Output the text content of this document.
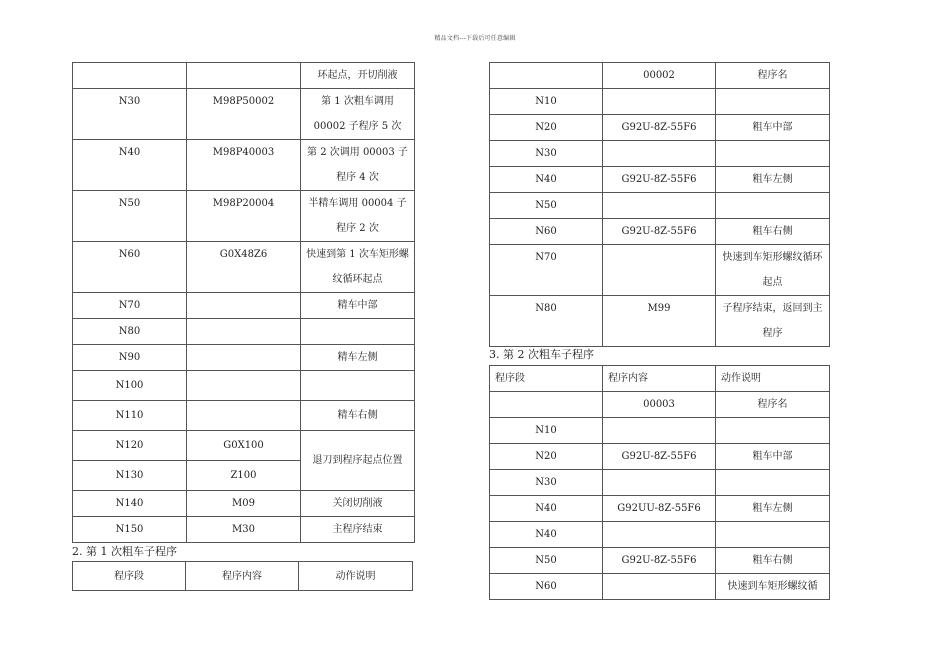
精品文档---下载后可任意编辑
		环起点，开切削液
N30	M98P50002	第 1 次粗车调用 00002 子程序 5 次
N40	M98P40003	第 2 次调用 00003 子程序 4 次
N50	M98P20004	半精车调用 00004 子程序 2 次
N60	G0X48Z6	快速到第 1 次车矩形螺纹循环起点
N70		精车中部
N80		
N90		精车左侧
N100		
N110		精车右侧
N120	G0X100	退刀到程序起点位置
N130	Z100	
N140	M09	关闭切削液
N150	M30	主程序结束
2. 第 1 次粗车子程序
程序段	程序内容	动作说明
	00002	程序名
N10		
N20	G92U-8Z-55F6	粗车中部
N30		
N40	G92U-8Z-55F6	粗车左侧
N50		
N60	G92U-8Z-55F6	粗车右侧
N70		快速到车矩形螺纹循环起点
N80	M99	子程序结束，返回到主程序
3. 第 2 次粗车子程序
程序段	程序内容	动作说明
	00003	程序名
N10		
N20	G92U-8Z-55F6	粗车中部
N30		
N40	G92UU-8Z-55F6	粗车左侧
N40		
N50	G92U-8Z-55F6	粗车右侧
N60		快速到车矩形螺纹循
